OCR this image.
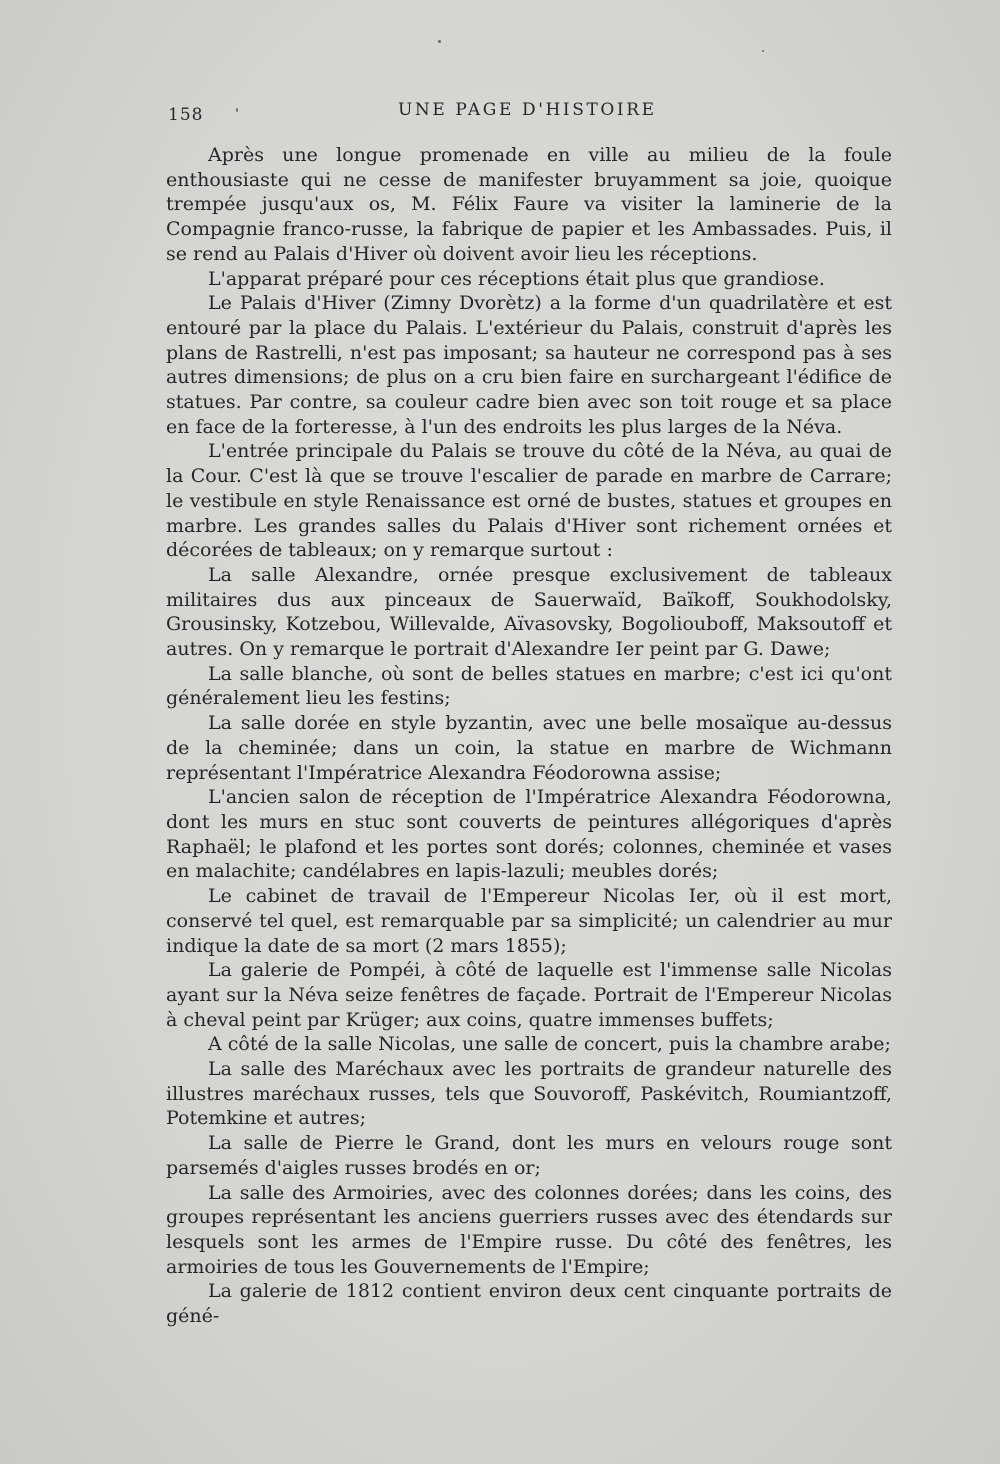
158	UNE PAGE D'HISTOIRE

Après une longue promenade en ville au milieu de la foule enthousiaste qui ne cesse de manifester bruyamment sa joie, quoique trempée jusqu'aux os, M. Félix Faure va visiter la laminerie de la Compagnie franco-russe, la fabrique de papier et les Ambassades. Puis, il se rend au Palais d'Hiver où doivent avoir lieu les réceptions.

L'apparat préparé pour ces réceptions était plus que grandiose.

Le Palais d'Hiver (Zimny Dvorètz) a la forme d'un quadrilatère et est entouré par la place du Palais. L'extérieur du Palais, construit d'après les plans de Rastrelli, n'est pas imposant; sa hauteur ne correspond pas à ses autres dimensions; de plus on a cru bien faire en surchargeant l'édifice de statues. Par contre, sa couleur cadre bien avec son toit rouge et sa place en face de la forteresse, à l'un des endroits les plus larges de la Néva.

L'entrée principale du Palais se trouve du côté de la Néva, au quai de la Cour. C'est là que se trouve l'escalier de parade en marbre de Carrare; le vestibule en style Renaissance est orné de bustes, statues et groupes en marbre. Les grandes salles du Palais d'Hiver sont richement ornées et décorées de tableaux; on y remarque surtout :

La salle Alexandre, ornée presque exclusivement de tableaux militaires dus aux pinceaux de Sauerwaïd, Baïkoff, Soukhodolsky, Grousinsky, Kotzebou, Willevalde, Aïvasovsky, Bogoliouboff, Maksoutoff et autres. On y remarque le portrait d'Alexandre Ier peint par G. Dawe;

La salle blanche, où sont de belles statues en marbre; c'est ici qu'ont généralement lieu les festins;

La salle dorée en style byzantin, avec une belle mosaïque au-dessus de la cheminée; dans un coin, la statue en marbre de Wichmann représentant l'Impératrice Alexandra Féodorowna assise;

L'ancien salon de réception de l'Impératrice Alexandra Féodorowna, dont les murs en stuc sont couverts de peintures allégoriques d'après Raphaël; le plafond et les portes sont dorés; colonnes, cheminée et vases en malachite; candélabres en lapis-lazuli; meubles dorés;

Le cabinet de travail de l'Empereur Nicolas Ier, où il est mort, conservé tel quel, est remarquable par sa simplicité; un calendrier au mur indique la date de sa mort (2 mars 1855);

La galerie de Pompéi, à côté de laquelle est l'immense salle Nicolas ayant sur la Néva seize fenêtres de façade. Portrait de l'Empereur Nicolas à cheval peint par Krüger; aux coins, quatre immenses buffets;

A côté de la salle Nicolas, une salle de concert, puis la chambre arabe;

La salle des Maréchaux avec les portraits de grandeur naturelle des illustres maréchaux russes, tels que Souvoroff, Paskévitch, Roumiantzoff, Potemkine et autres;

La salle de Pierre le Grand, dont les murs en velours rouge sont parsemés d'aigles russes brodés en or;

La salle des Armoiries, avec des colonnes dorées; dans les coins, des groupes représentant les anciens guerriers russes avec des étendards sur lesquels sont les armes de l'Empire russe. Du côté des fenêtres, les armoiries de tous les Gouvernements de l'Empire;

La galerie de 1812 contient environ deux cent cinquante portraits de géné-
